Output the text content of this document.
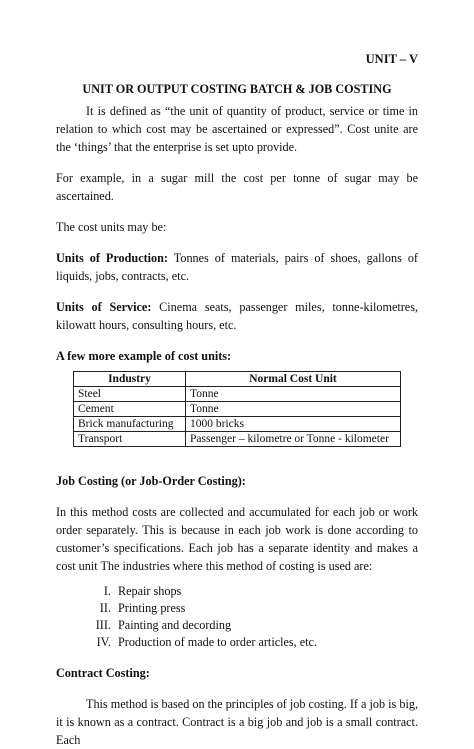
UNIT – V
UNIT OR OUTPUT COSTING BATCH & JOB COSTING

It is defined as “the unit of quantity of product, service or time in relation to which cost may be ascertained or expressed”. Cost unite are the ‘things’ that the enterprise is set upto provide.

For example, in a sugar mill the cost per tonne of sugar may be ascertained.

The cost units may be:

Units of Production: Tonnes of materials, pairs of shoes, gallons of liquids, jobs, contracts, etc.

Units of Service: Cinema seats, passenger miles, tonne-kilometres, kilowatt hours, consulting hours, etc.

A few more example of cost units:

Industry	Normal Cost Unit
Steel	Tonne
Cement	Tonne
Brick manufacturing	1000 bricks
Transport	Passenger – kilometre or Tonne - kilometer

Job Costing (or Job-Order Costing):

In this method costs are collected and accumulated for each job or work order separately. This is because in each job work is done according to customer’s specifications. Each job has a separate identity and makes a cost unit The industries where this method of costing is used are:

I. Repair shops
II. Printing press
III. Painting and decording
IV. Production of made to order articles, etc.

Contract Costing:

This method is based on the principles of job costing. If a job is big, it is known as a contract. Contract is a big job and job is a small contract. Each
